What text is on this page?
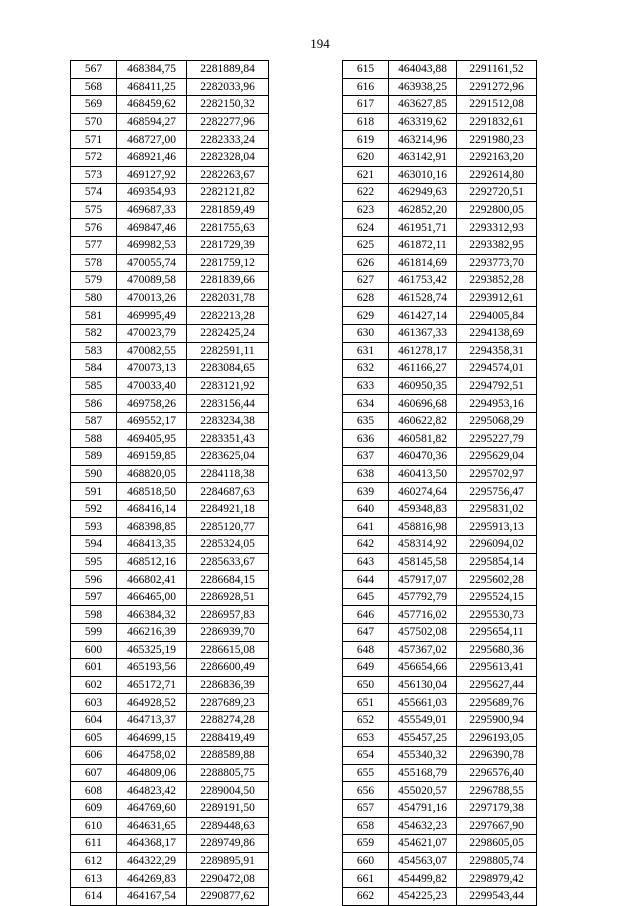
194
567	468384,75	2281889,84
568	468411,25	2282033,96
569	468459,62	2282150,32
570	468594,27	2282277,96
571	468727,00	2282333,24
572	468921,46	2282328,04
573	469127,92	2282263,67
574	469354,93	2282121,82
575	469687,33	2281859,49
576	469847,46	2281755,63
577	469982,53	2281729,39
578	470055,74	2281759,12
579	470089,58	2281839,66
580	470013,26	2282031,78
581	469995,49	2282213,28
582	470023,79	2282425,24
583	470082,55	2282591,11
584	470073,13	2283084,65
585	470033,40	2283121,92
586	469758,26	2283156,44
587	469552,17	2283234,38
588	469405,95	2283351,43
589	469159,85	2283625,04
590	468820,05	2284118,38
591	468518,50	2284687,63
592	468416,14	2284921,18
593	468398,85	2285120,77
594	468413,35	2285324,05
595	468512,16	2285633,67
596	466802,41	2286684,15
597	466465,00	2286928,51
598	466384,32	2286957,83
599	466216,39	2286939,70
600	465325,19	2286615,08
601	465193,56	2286600,49
602	465172,71	2286836,39
603	464928,52	2287689,23
604	464713,37	2288274,28
605	464699,15	2288419,49
606	464758,02	2288589,88
607	464809,06	2288805,75
608	464823,42	2289004,50
609	464769,60	2289191,50
610	464631,65	2289448,63
611	464368,17	2289749,86
612	464322,29	2289895,91
613	464269,83	2290472,08
614	464167,54	2290877,62
615	464043,88	2291161,52
616	463938,25	2291272,96
617	463627,85	2291512,08
618	463319,62	2291832,61
619	463214,96	2291980,23
620	463142,91	2292163,20
621	463010,16	2292614,80
622	462949,63	2292720,51
623	462852,20	2292800,05
624	461951,71	2293312,93
625	461872,11	2293382,95
626	461814,69	2293773,70
627	461753,42	2293852,28
628	461528,74	2293912,61
629	461427,14	2294005,84
630	461367,33	2294138,69
631	461278,17	2294358,31
632	461166,27	2294574,01
633	460950,35	2294792,51
634	460696,68	2294953,16
635	460622,82	2295068,29
636	460581,82	2295227,79
637	460470,36	2295629,04
638	460413,50	2295702,97
639	460274,64	2295756,47
640	459348,83	2295831,02
641	458816,98	2295913,13
642	458314,92	2296094,02
643	458145,58	2295854,14
644	457917,07	2295602,28
645	457792,79	2295524,15
646	457716,02	2295530,73
647	457502,08	2295654,11
648	457367,02	2295680,36
649	456654,66	2295613,41
650	456130,04	2295627,44
651	455661,03	2295689,76
652	455549,01	2295900,94
653	455457,25	2296193,05
654	455340,32	2296390,78
655	455168,79	2296576,40
656	455020,57	2296788,55
657	454791,16	2297179,38
658	454632,23	2297667,90
659	454621,07	2298605,05
660	454563,07	2298805,74
661	454499,82	2298979,42
662	454225,23	2299543,44
